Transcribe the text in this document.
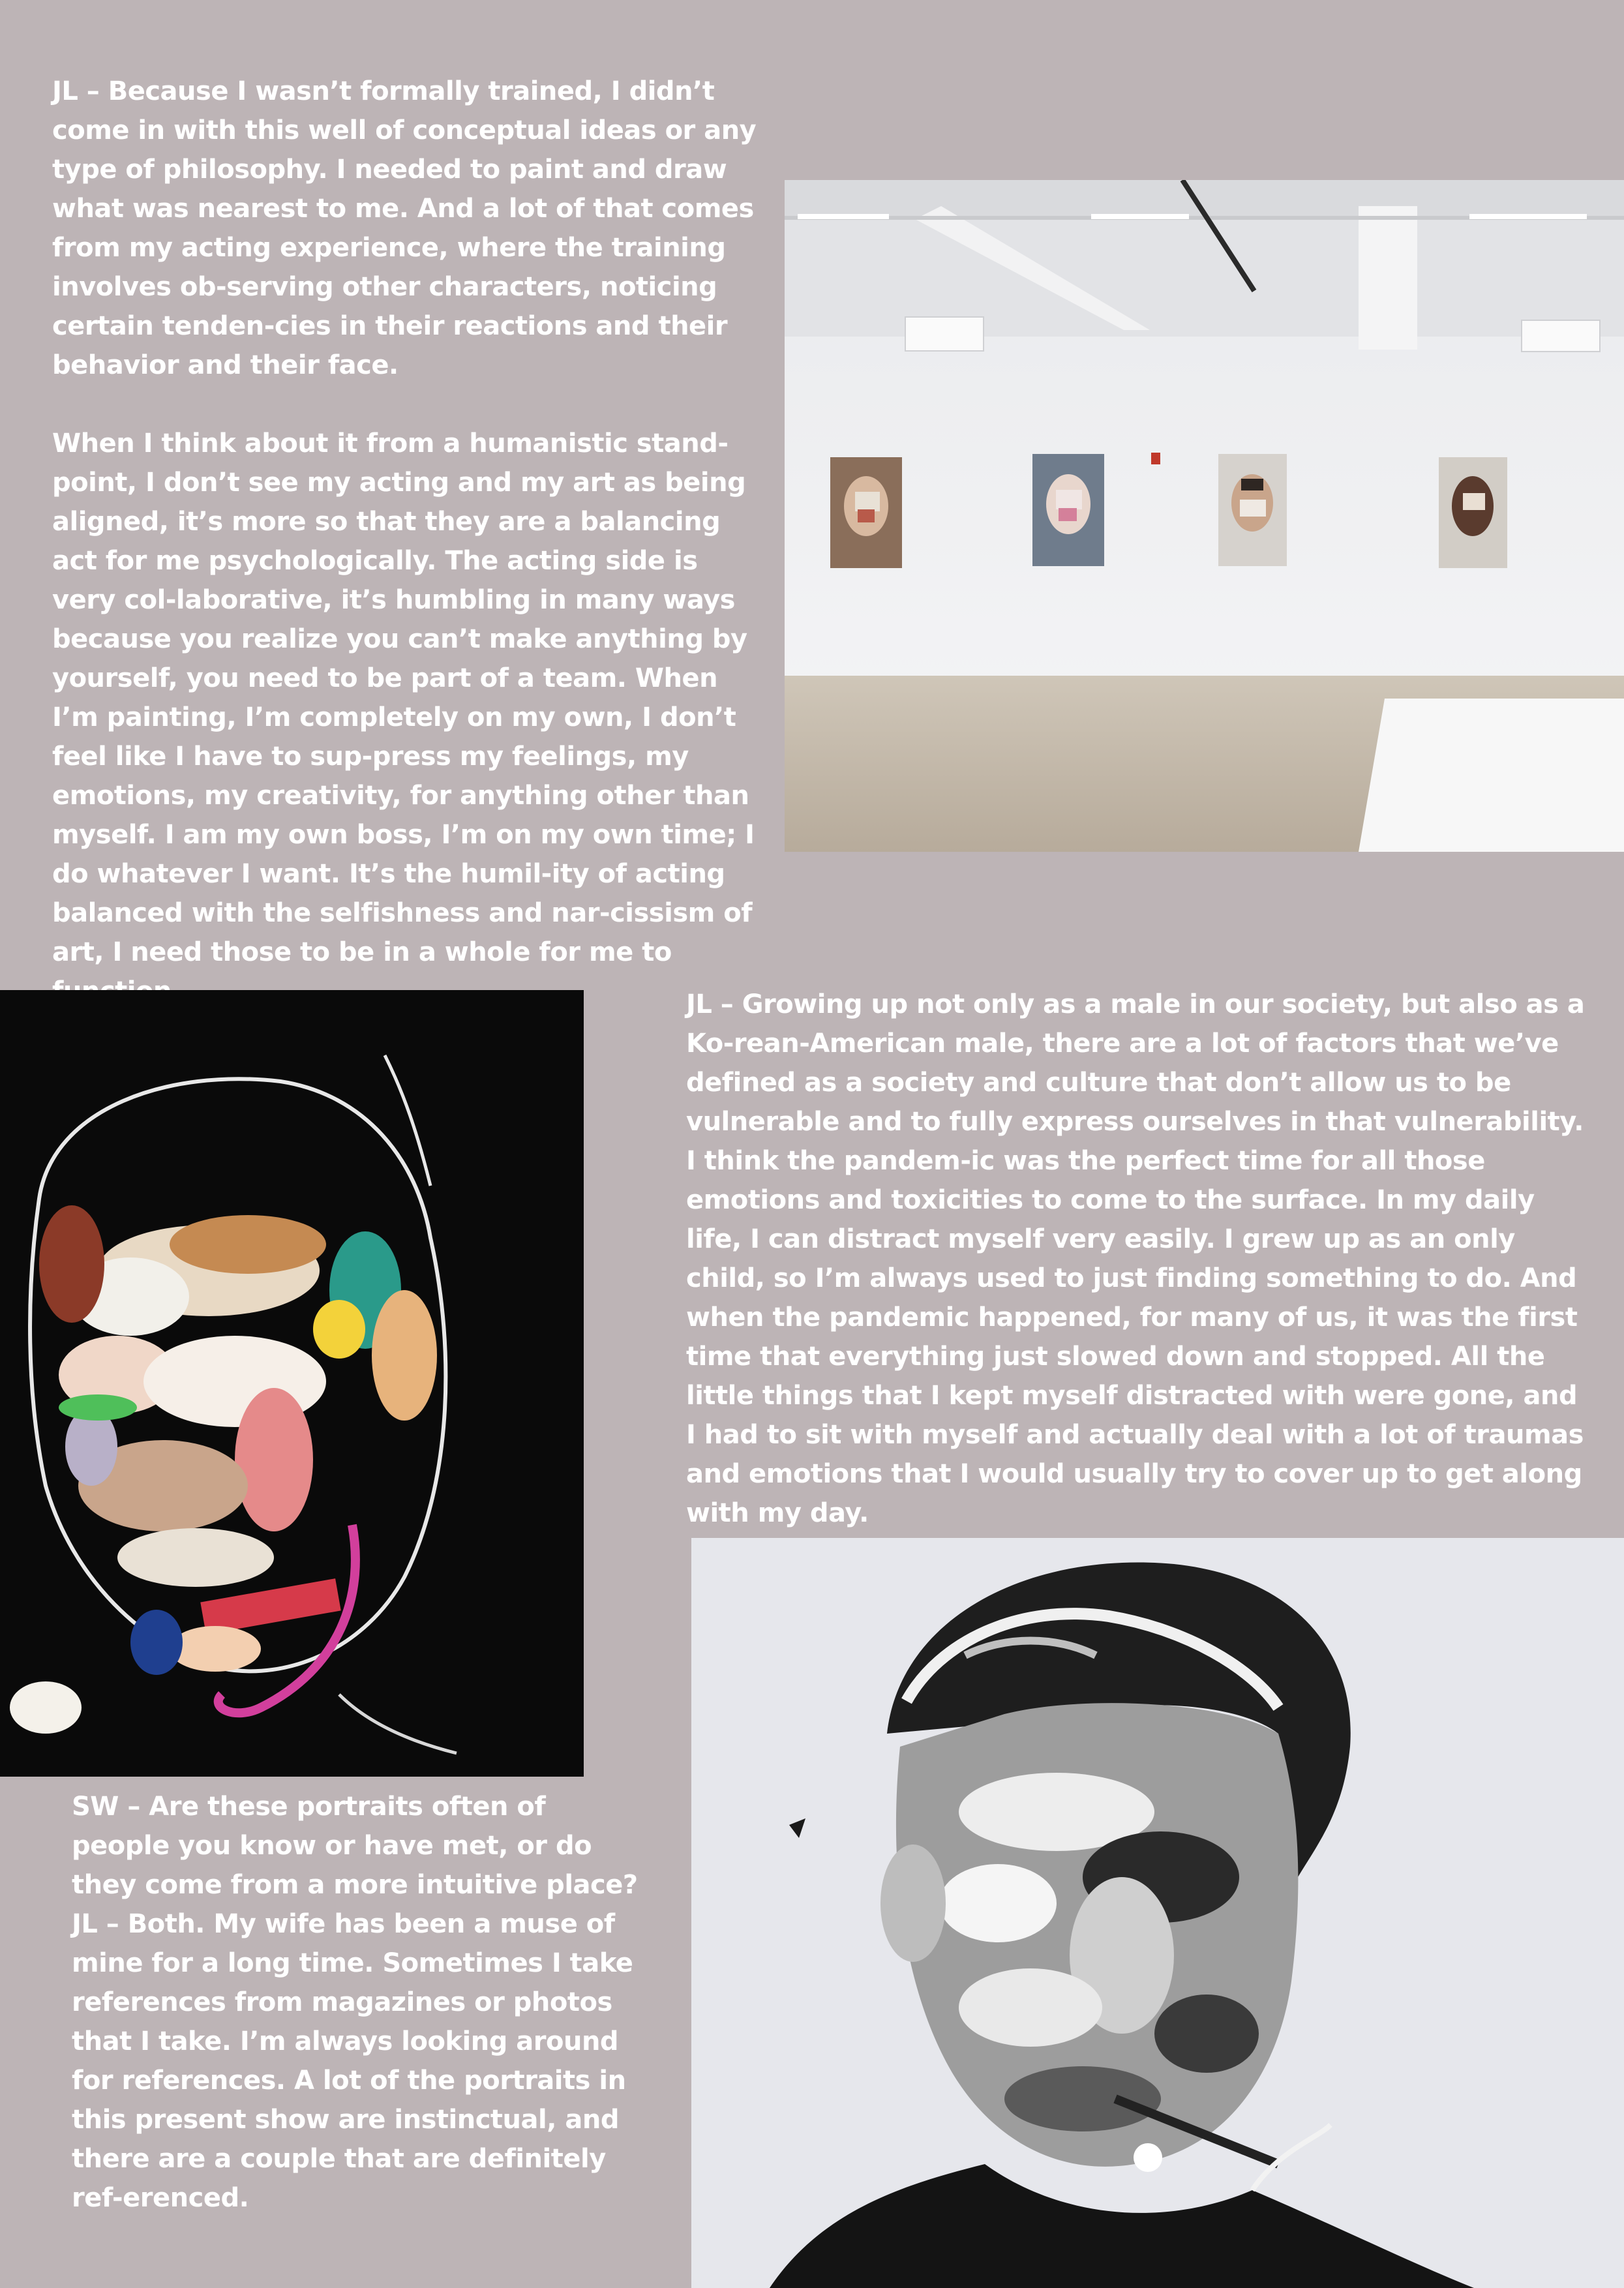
JL – Because I wasn’t formally trained, I didn’t come in with this well of conceptual ideas or any type of philosophy. I needed to paint and draw what was nearest to me. And a lot of that comes from my acting experience, where the training involves ob-serving other characters, noticing certain tenden-cies in their reactions and their behavior and their face.

When I think about it from a humanistic stand-point, I don’t see my acting and my art as being aligned, it’s more so that they are a balancing act for me psychologically. The acting side is very col-laborative, it’s humbling in many ways because you realize you can’t make anything by yourself, you need to be part of a team. When I’m painting, I’m completely on my own, I don’t feel like I have to sup-press my feelings, my emotions, my creativity, for anything other than myself. I am my own boss, I’m on my own time; I do whatever I want. It’s the humil-ity of acting balanced with the selfishness and nar-cissism of art, I need those to be in a whole for me to

JL – Growing up not only as a male in our society, but also as a Ko-rean-American male, there are a lot of factors that we’ve defined as a society and culture that don’t allow us to be vulnerable and to fully express ourselves in that vulnerability. I think the pandem-ic was the perfect time for all those emotions and toxicities to come to the surface. In my daily life, I can distract myself very easily. I grew up as an only child, so I’m always used to just finding something to do. And when the pandemic happened, for many of us, it was the first time that everything just slowed down and stopped. All the little things that I kept myself distracted with were gone, and I had to sit with myself and actually deal with a lot of traumas and emotions that I would usually try to cover up to get along with my day.

SW – Are these portraits often of people you know or have met, or do they come from a more intuitive place?
JL – Both. My wife has been a muse of mine for a long time. Sometimes I take references from magazines or photos that I take. I’m always looking around for references. A lot of the portraits in this present show are instinctual, and there are a couple that are definitely ref-erenced.
